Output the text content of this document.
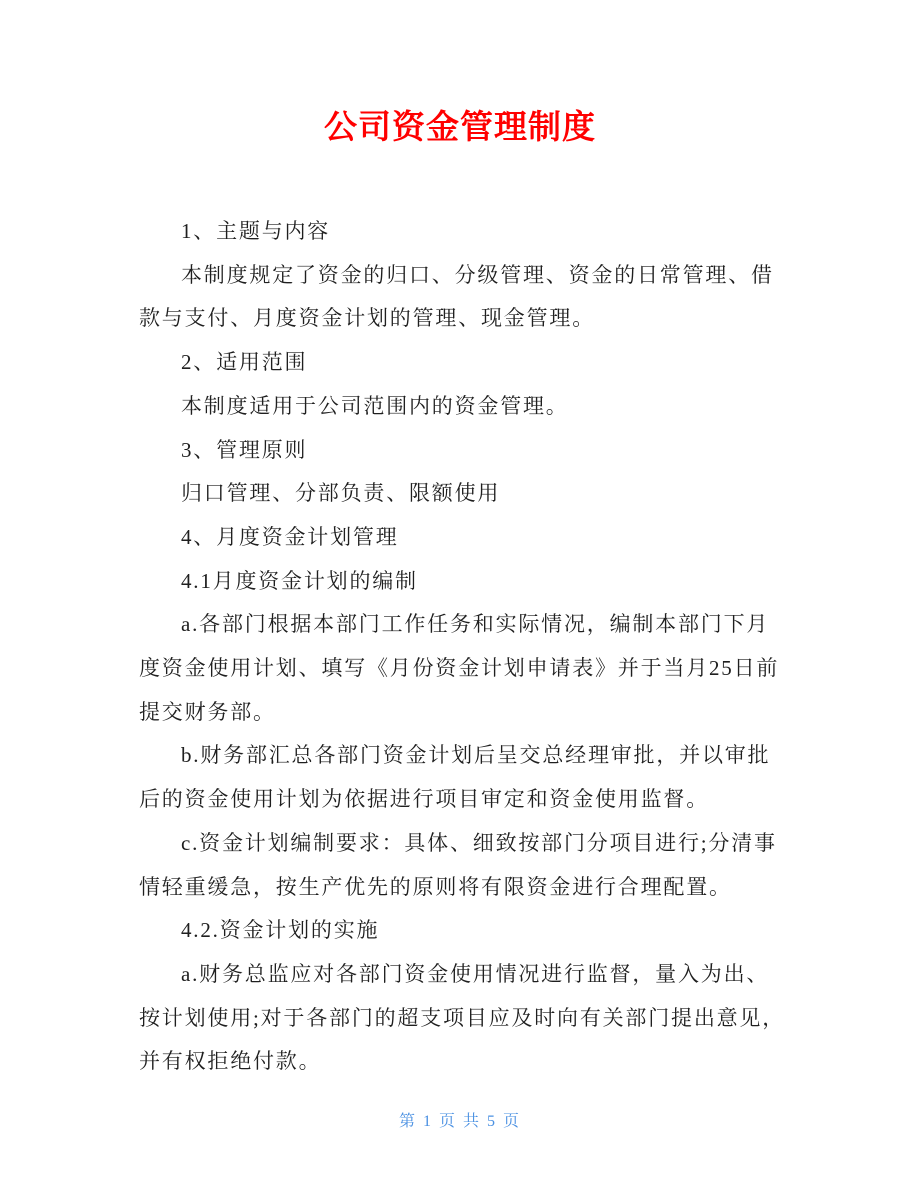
公司资金管理制度
1、主题与内容
本制度规定了资金的归口、分级管理、资金的日常管理、借
款与支付、月度资金计划的管理、现金管理。
2、适用范围
本制度适用于公司范围内的资金管理。
3、管理原则
归口管理、分部负责、限额使用
4、月度资金计划管理
4.1月度资金计划的编制
a.各部门根据本部门工作任务和实际情况，编制本部门下月
度资金使用计划、填写《月份资金计划申请表》并于当月25日前
提交财务部。
b.财务部汇总各部门资金计划后呈交总经理审批，并以审批
后的资金使用计划为依据进行项目审定和资金使用监督。
c.资金计划编制要求：具体、细致按部门分项目进行;分清事
情轻重缓急，按生产优先的原则将有限资金进行合理配置。
4.2.资金计划的实施
a.财务总监应对各部门资金使用情况进行监督，量入为出、
按计划使用;对于各部门的超支项目应及时向有关部门提出意见，
并有权拒绝付款。
第 1 页 共 5 页
